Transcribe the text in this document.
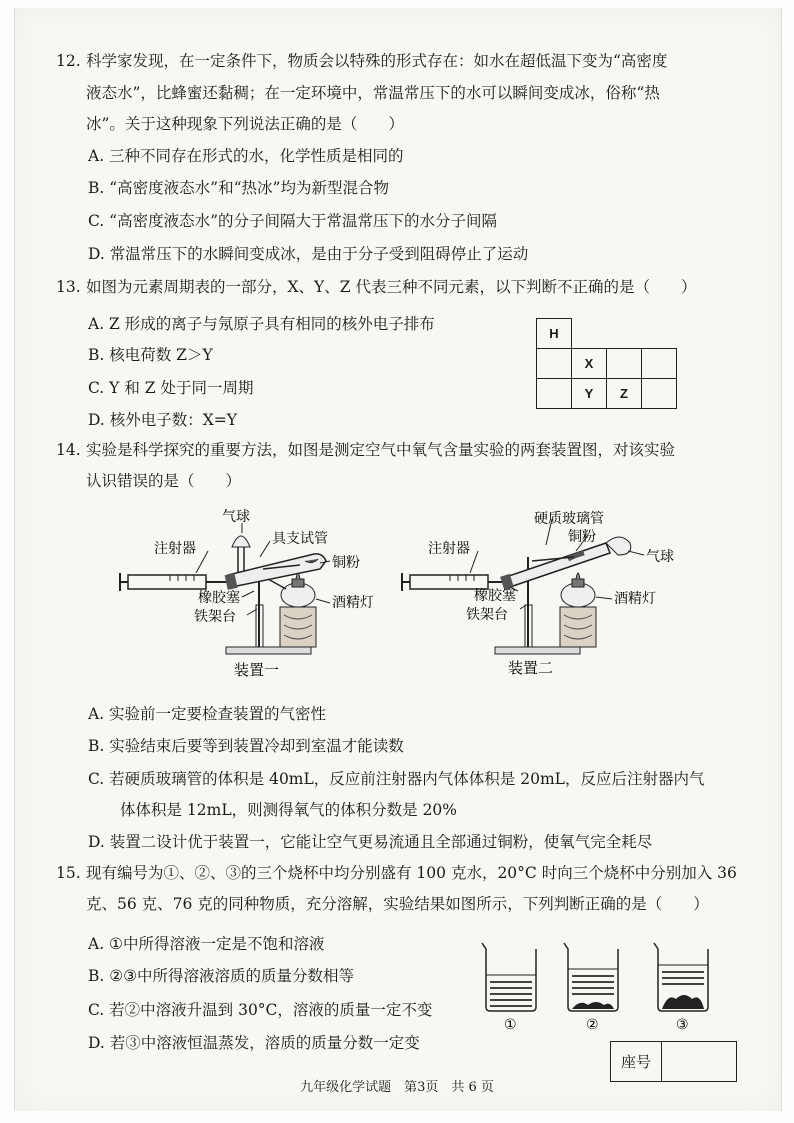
12. 科学家发现，在一定条件下，物质会以特殊的形式存在：如水在超低温下变为“高密度
液态水”，比蜂蜜还黏稠；在一定环境中，常温常压下的水可以瞬间变成冰，俗称“热
冰”。关于这种现象下列说法正确的是（　　）
A. 三种不同存在形式的水，化学性质是相同的
B. “高密度液态水”和“热冰”均为新型混合物
C. “高密度液态水”的分子间隔大于常温常压下的水分子间隔
D. 常温常压下的水瞬间变成冰，是由于分子受到阻碍停止了运动
13. 如图为元素周期表的一部分，X、Y、Z 代表三种不同元素，以下判断不正确的是（　　）
A. Z 形成的离子与氖原子具有相同的核外电子排布
B. 核电荷数 Z＞Y
C. Y 和 Z 处于同一周期
D. 核外电子数：X=Y
H			
	X		
	Y	Z	
14. 实验是科学探究的重要方法，如图是测定空气中氧气含量实验的两套装置图，对该实验
认识错误的是（　　）
气球
具支试管
注射器
铜粉
橡胶塞	酒精灯
铁架台
装置一
硬质玻璃管
铜粉
注射器	气球
橡胶塞	酒精灯
铁架台
装置二
A. 实验前一定要检查装置的气密性
B. 实验结束后要等到装置冷却到室温才能读数
C. 若硬质玻璃管的体积是 40mL，反应前注射器内气体体积是 20mL，反应后注射器内气
体体积是 12mL，则测得氧气的体积分数是 20%
D. 装置二设计优于装置一，它能让空气更易流通且全部通过铜粉，使氧气完全耗尽
15. 现有编号为①、②、③的三个烧杯中均分别盛有 100 克水，20°C 时向三个烧杯中分别加入 36
克、56 克、76 克的同种物质，充分溶解，实验结果如图所示，下列判断正确的是（　　）
A. ①中所得溶液一定是不饱和溶液
B. ②③中所得溶液溶质的质量分数相等
C. 若②中溶液升温到 30°C，溶液的质量一定不变
D. 若③中溶液恒温蒸发，溶质的质量分数一定变
①	②	③
座号
九年级化学试题　第3页　共 6 页
